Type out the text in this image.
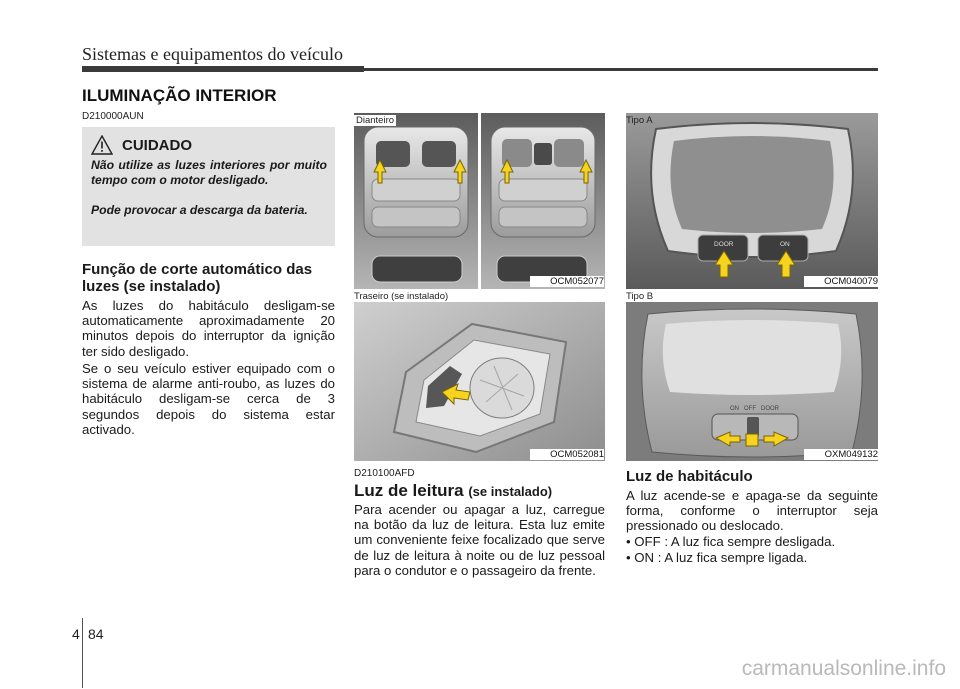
Sistemas e equipamentos do veículo
ILUMINAÇÃO INTERIOR
D210000AUN
CUIDADO

Não utilize as luzes interiores por muito tempo com o motor desligado.

Pode provocar a descarga da bateria.

Função de corte automático das luzes (se instalado)

As luzes do habitáculo desligam-se automaticamente aproximadamente 20 minutos depois do interruptor da ignição ter sido desligado.

Se o seu veículo estiver equipado com o sistema de alarme anti-roubo, as luzes do habitáculo desligam-se cerca de 3 segundos depois do sistema estar activado.

Dianteiro
OCM052077
Traseiro (se instalado)
OCM052081
D210100AFD
Luz de leitura (se instalado)

Para acender ou apagar a luz, carregue na botão da luz de leitura. Esta luz emite um conveniente feixe focalizado que serve de luz de leitura à noite ou de luz pessoal para o condutor e o passageiro da frente.

DOOR	ON
Tipo A
OCM040079
ON   OFF   DOOR
Tipo B
OXM049132
Luz de habitáculo

A luz acende-se e apaga-se da seguinte forma, conforme o interruptor seja pressionado ou deslocado.

• OFF : A luz fica sempre desligada.

• ON : A luz fica sempre ligada.

4 84
carmanualsonline.info
